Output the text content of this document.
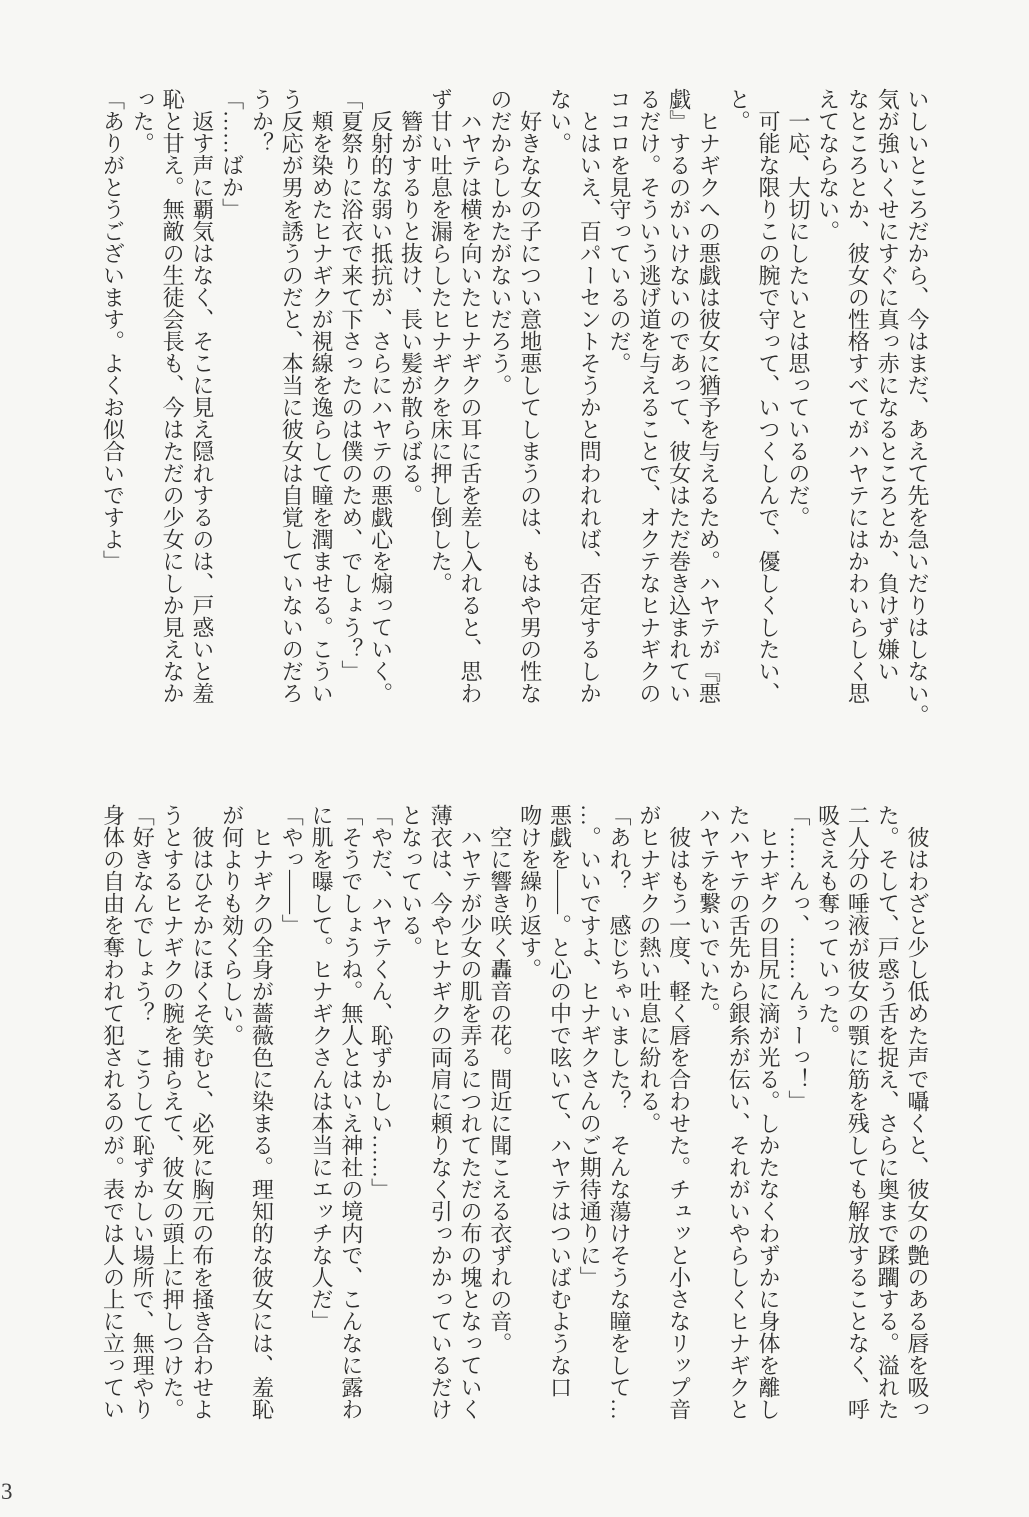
いしいところだから、今はまだ、あえて先を急いだりはしない。
気が強いくせにすぐに真っ赤になるところとか、負けず嫌い
なところとか、彼女の性格すべてがハヤテにはかわいらしく思
えてならない。
　一応、大切にしたいとは思っているのだ。
　可能な限りこの腕で守って、いつくしんで、優しくしたい、
と。
　ヒナギクへの悪戯は彼女に猶予を与えるため。ハヤテが『悪
戯』するのがいけないのであって、彼女はただ巻き込まれてい
るだけ。そういう逃げ道を与えることで、オクテなヒナギクの
ココロを見守っているのだ。
　とはいえ、百パーセントそうかと問われれば、否定するしか
ない。
　好きな女の子につい意地悪してしまうのは、もはや男の性な
のだからしかたがないだろう。
　ハヤテは横を向いたヒナギクの耳に舌を差し入れると、思わ
ず甘い吐息を漏らしたヒナギクを床に押し倒した。
　簪がするりと抜け、長い髪が散らばる。
　反射的な弱い抵抗が、さらにハヤテの悪戯心を煽っていく。
「夏祭りに浴衣で来て下さったのは僕のため、でしょう？」
　頬を染めたヒナギクが視線を逸らして瞳を潤ませる。こうい
う反応が男を誘うのだと、本当に彼女は自覚していないのだろ
うか？
「……ばか」
　返す声に覇気はなく、そこに見え隠れするのは、戸惑いと羞
恥と甘え。無敵の生徒会長も、今はただの少女にしか見えなか
った。
「ありがとうございます。よくお似合いですよ」
　彼はわざと少し低めた声で囁くと、彼女の艶のある唇を吸っ
た。そして、戸惑う舌を捉え、さらに奥まで蹂躙する。溢れた
二人分の唾液が彼女の顎に筋を残しても解放することなく、呼
吸さえも奪っていった。
「……んっ、……んぅーっ！」
　ヒナギクの目尻に滴が光る。しかたなくわずかに身体を離し
たハヤテの舌先から銀糸が伝い、それがいやらしくヒナギクと
ハヤテを繋いでいた。
　彼はもう一度、軽く唇を合わせた。チュッと小さなリップ音
がヒナギクの熱い吐息に紛れる。
「あれ？　感じちゃいました？　そんな蕩けそうな瞳をして…
…。いいですよ、ヒナギクさんのご期待通りに」
悪戯を――。と心の中で呟いて、ハヤテはついばむような口
吻けを繰り返す。
　空に響き咲く轟音の花。間近に聞こえる衣ずれの音。
　ハヤテが少女の肌を弄るにつれてただの布の塊となっていく
薄衣は、今やヒナギクの両肩に頼りなく引っかかっているだけ
となっている。
「やだ、ハヤテくん、恥ずかしい……」
「そうでしょうね。無人とはいえ神社の境内で、こんなに露わ
に肌を曝して。ヒナギクさんは本当にエッチな人だ」
「やっ――」
　ヒナギクの全身が薔薇色に染まる。理知的な彼女には、羞恥
が何よりも効くらしい。
　彼はひそかにほくそ笑むと、必死に胸元の布を掻き合わせよ
うとするヒナギクの腕を捕らえて、彼女の頭上に押しつけた。
「好きなんでしょう？　こうして恥ずかしい場所で、無理やり
身体の自由を奪われて犯されるのが。表では人の上に立ってい
3
